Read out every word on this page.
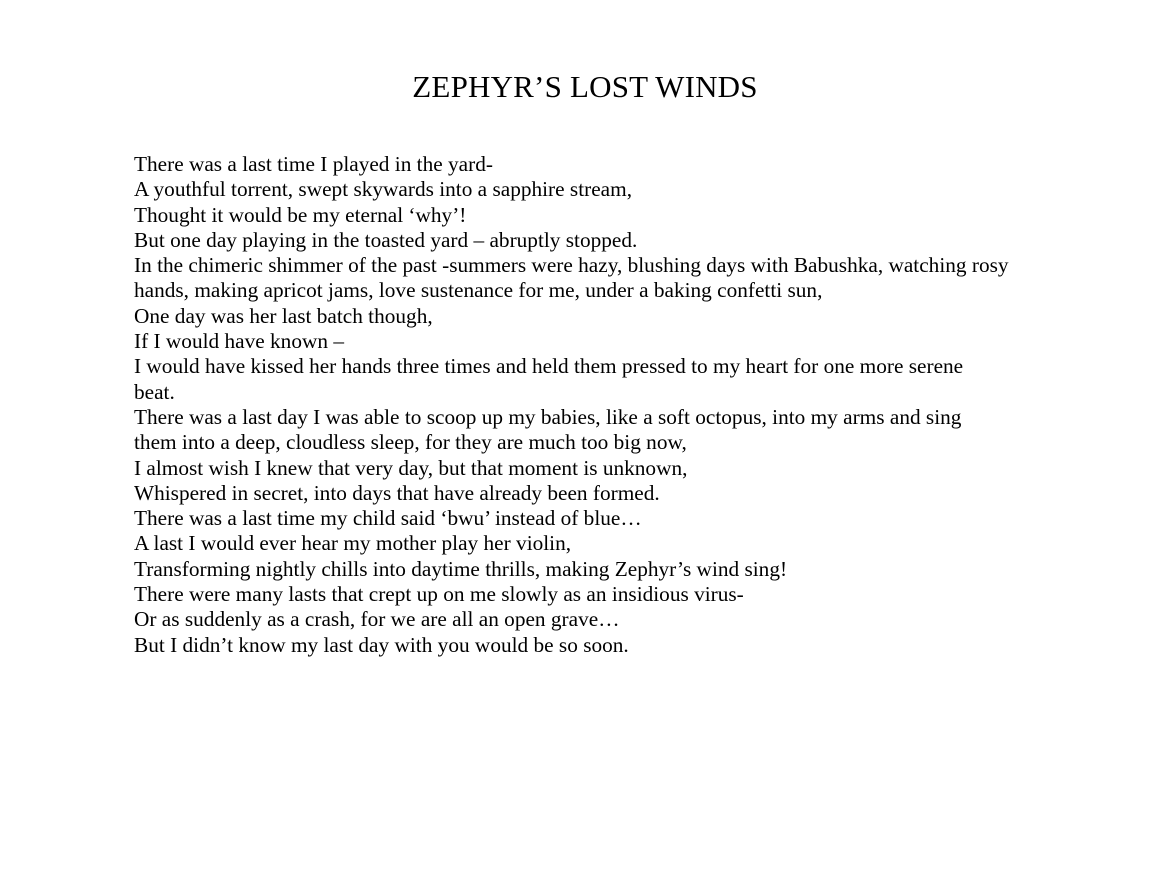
ZEPHYR’S LOST WINDS

There was a last time I played in the yard-

A youthful torrent, swept skywards into a sapphire stream,

Thought it would be my eternal ‘why’!

But one day playing in the toasted yard – abruptly stopped.

In the chimeric shimmer of the past -summers were hazy, blushing days with Babushka, watching rosy hands, making apricot jams, love sustenance for me, under a baking confetti sun,

One day was her last batch though,

If I would have known –

I would have kissed her hands three times and held them pressed to my heart for one more serene beat.

There was a last day I was able to scoop up my babies, like a soft octopus, into my arms and sing them into a deep, cloudless sleep, for they are much too big now,

I almost wish I knew that very day, but that moment is unknown,

Whispered in secret, into days that have already been formed.

There was a last time my child said ‘bwu’ instead of blue…

A last I would ever hear my mother play her violin,

Transforming nightly chills into daytime thrills, making Zephyr’s wind sing!

There were many lasts that crept up on me slowly as an insidious virus-

Or as suddenly as a crash, for we are all an open grave…

But I didn’t know my last day with you would be so soon.
